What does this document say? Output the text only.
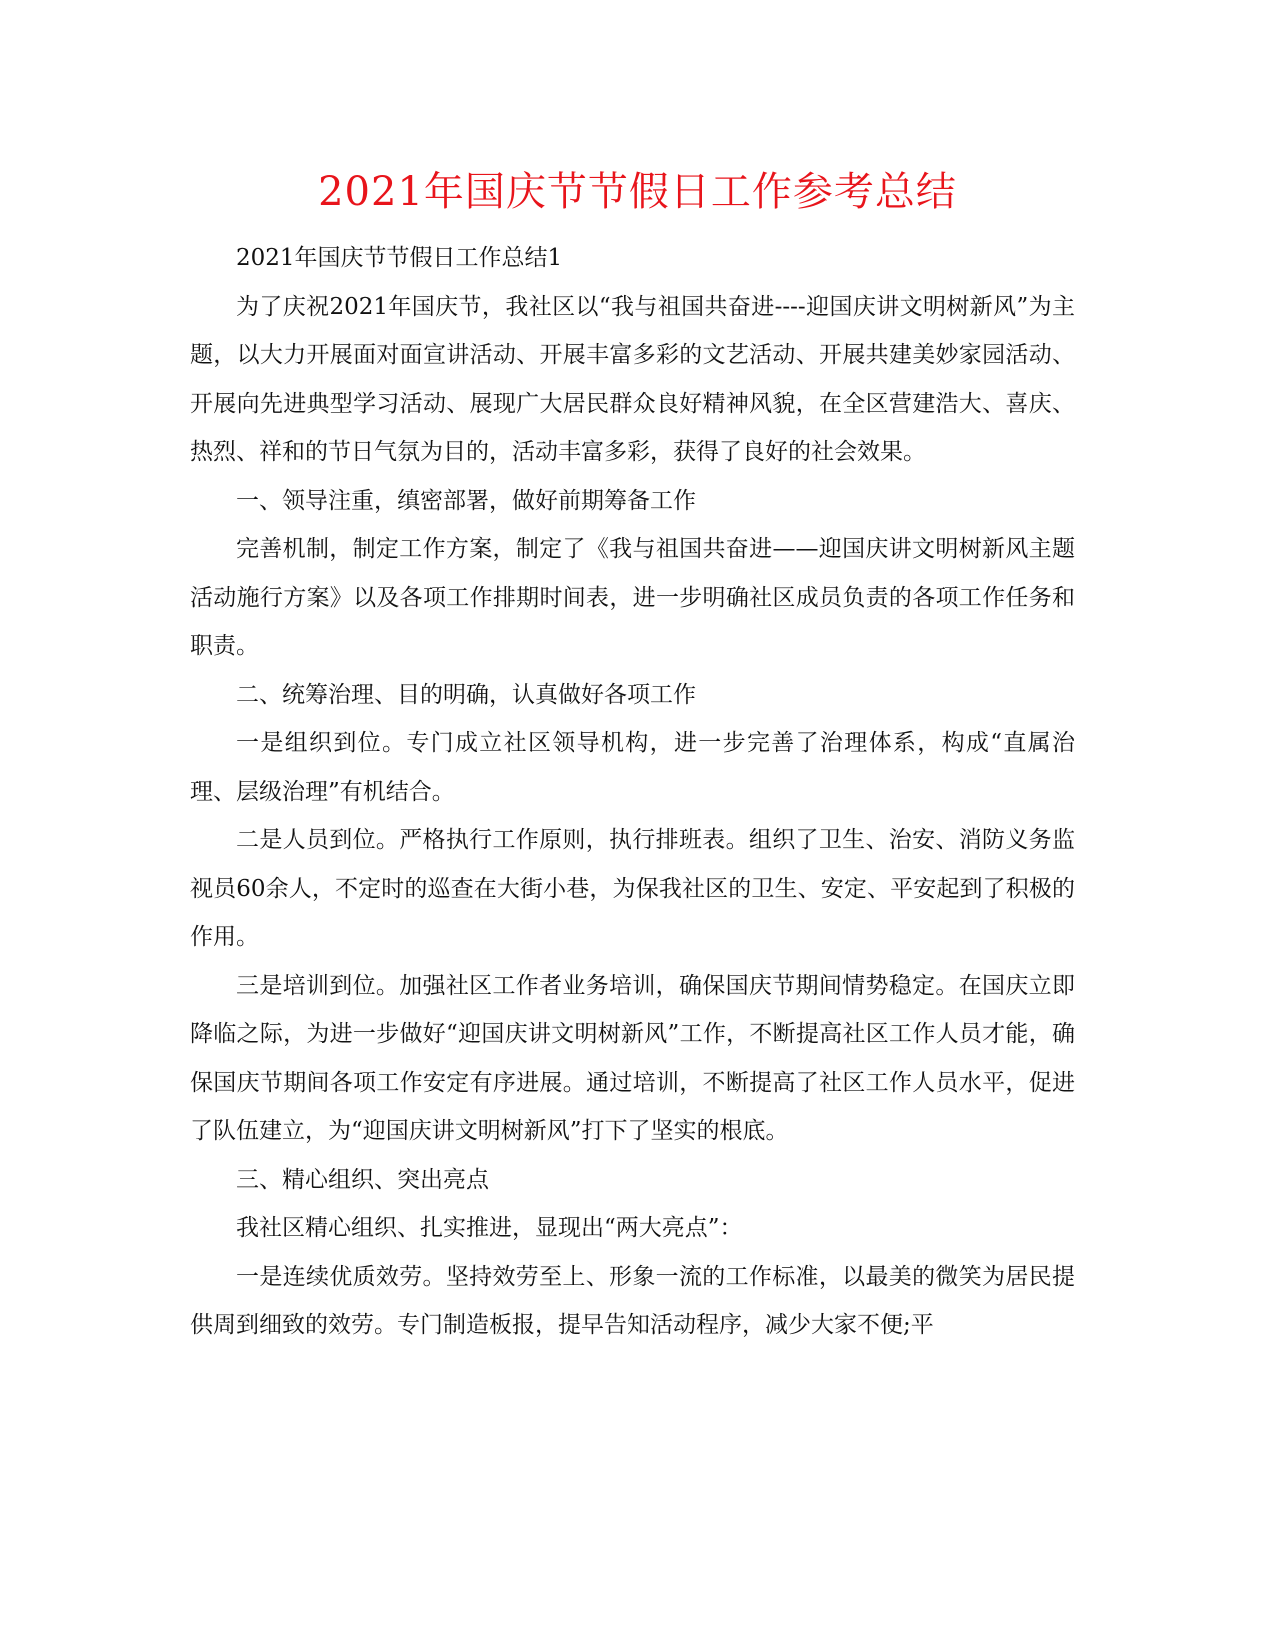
2021年国庆节节假日工作参考总结

2021年国庆节节假日工作总结1

为了庆祝2021年国庆节，我社区以“我与祖国共奋进----迎国庆讲文明树新风”为主题，以大力开展面对面宣讲活动、开展丰富多彩的文艺活动、开展共建美妙家园活动、开展向先进典型学习活动、展现广大居民群众良好精神风貌，在全区营建浩大、喜庆、热烈、祥和的节日气氛为目的，活动丰富多彩，获得了良好的社会效果。

一、领导注重，缜密部署，做好前期筹备工作

完善机制，制定工作方案，制定了《我与祖国共奋进——迎国庆讲文明树新风主题活动施行方案》以及各项工作排期时间表，进一步明确社区成员负责的各项工作任务和职责。

二、统筹治理、目的明确，认真做好各项工作

一是组织到位。专门成立社区领导机构，进一步完善了治理体系，构成“直属治理、层级治理”有机结合。

二是人员到位。严格执行工作原则，执行排班表。组织了卫生、治安、消防义务监视员60余人，不定时的巡查在大街小巷，为保我社区的卫生、安定、平安起到了积极的作用。

三是培训到位。加强社区工作者业务培训，确保国庆节期间情势稳定。在国庆立即降临之际，为进一步做好“迎国庆讲文明树新风”工作，不断提高社区工作人员才能，确保国庆节期间各项工作安定有序进展。通过培训，不断提高了社区工作人员水平，促进了队伍建立，为“迎国庆讲文明树新风”打下了坚实的根底。

三、精心组织、突出亮点

我社区精心组织、扎实推进，显现出“两大亮点”：

一是连续优质效劳。坚持效劳至上、形象一流的工作标准，以最美的微笑为居民提供周到细致的效劳。专门制造板报，提早告知活动程序，减少大家不便;平
